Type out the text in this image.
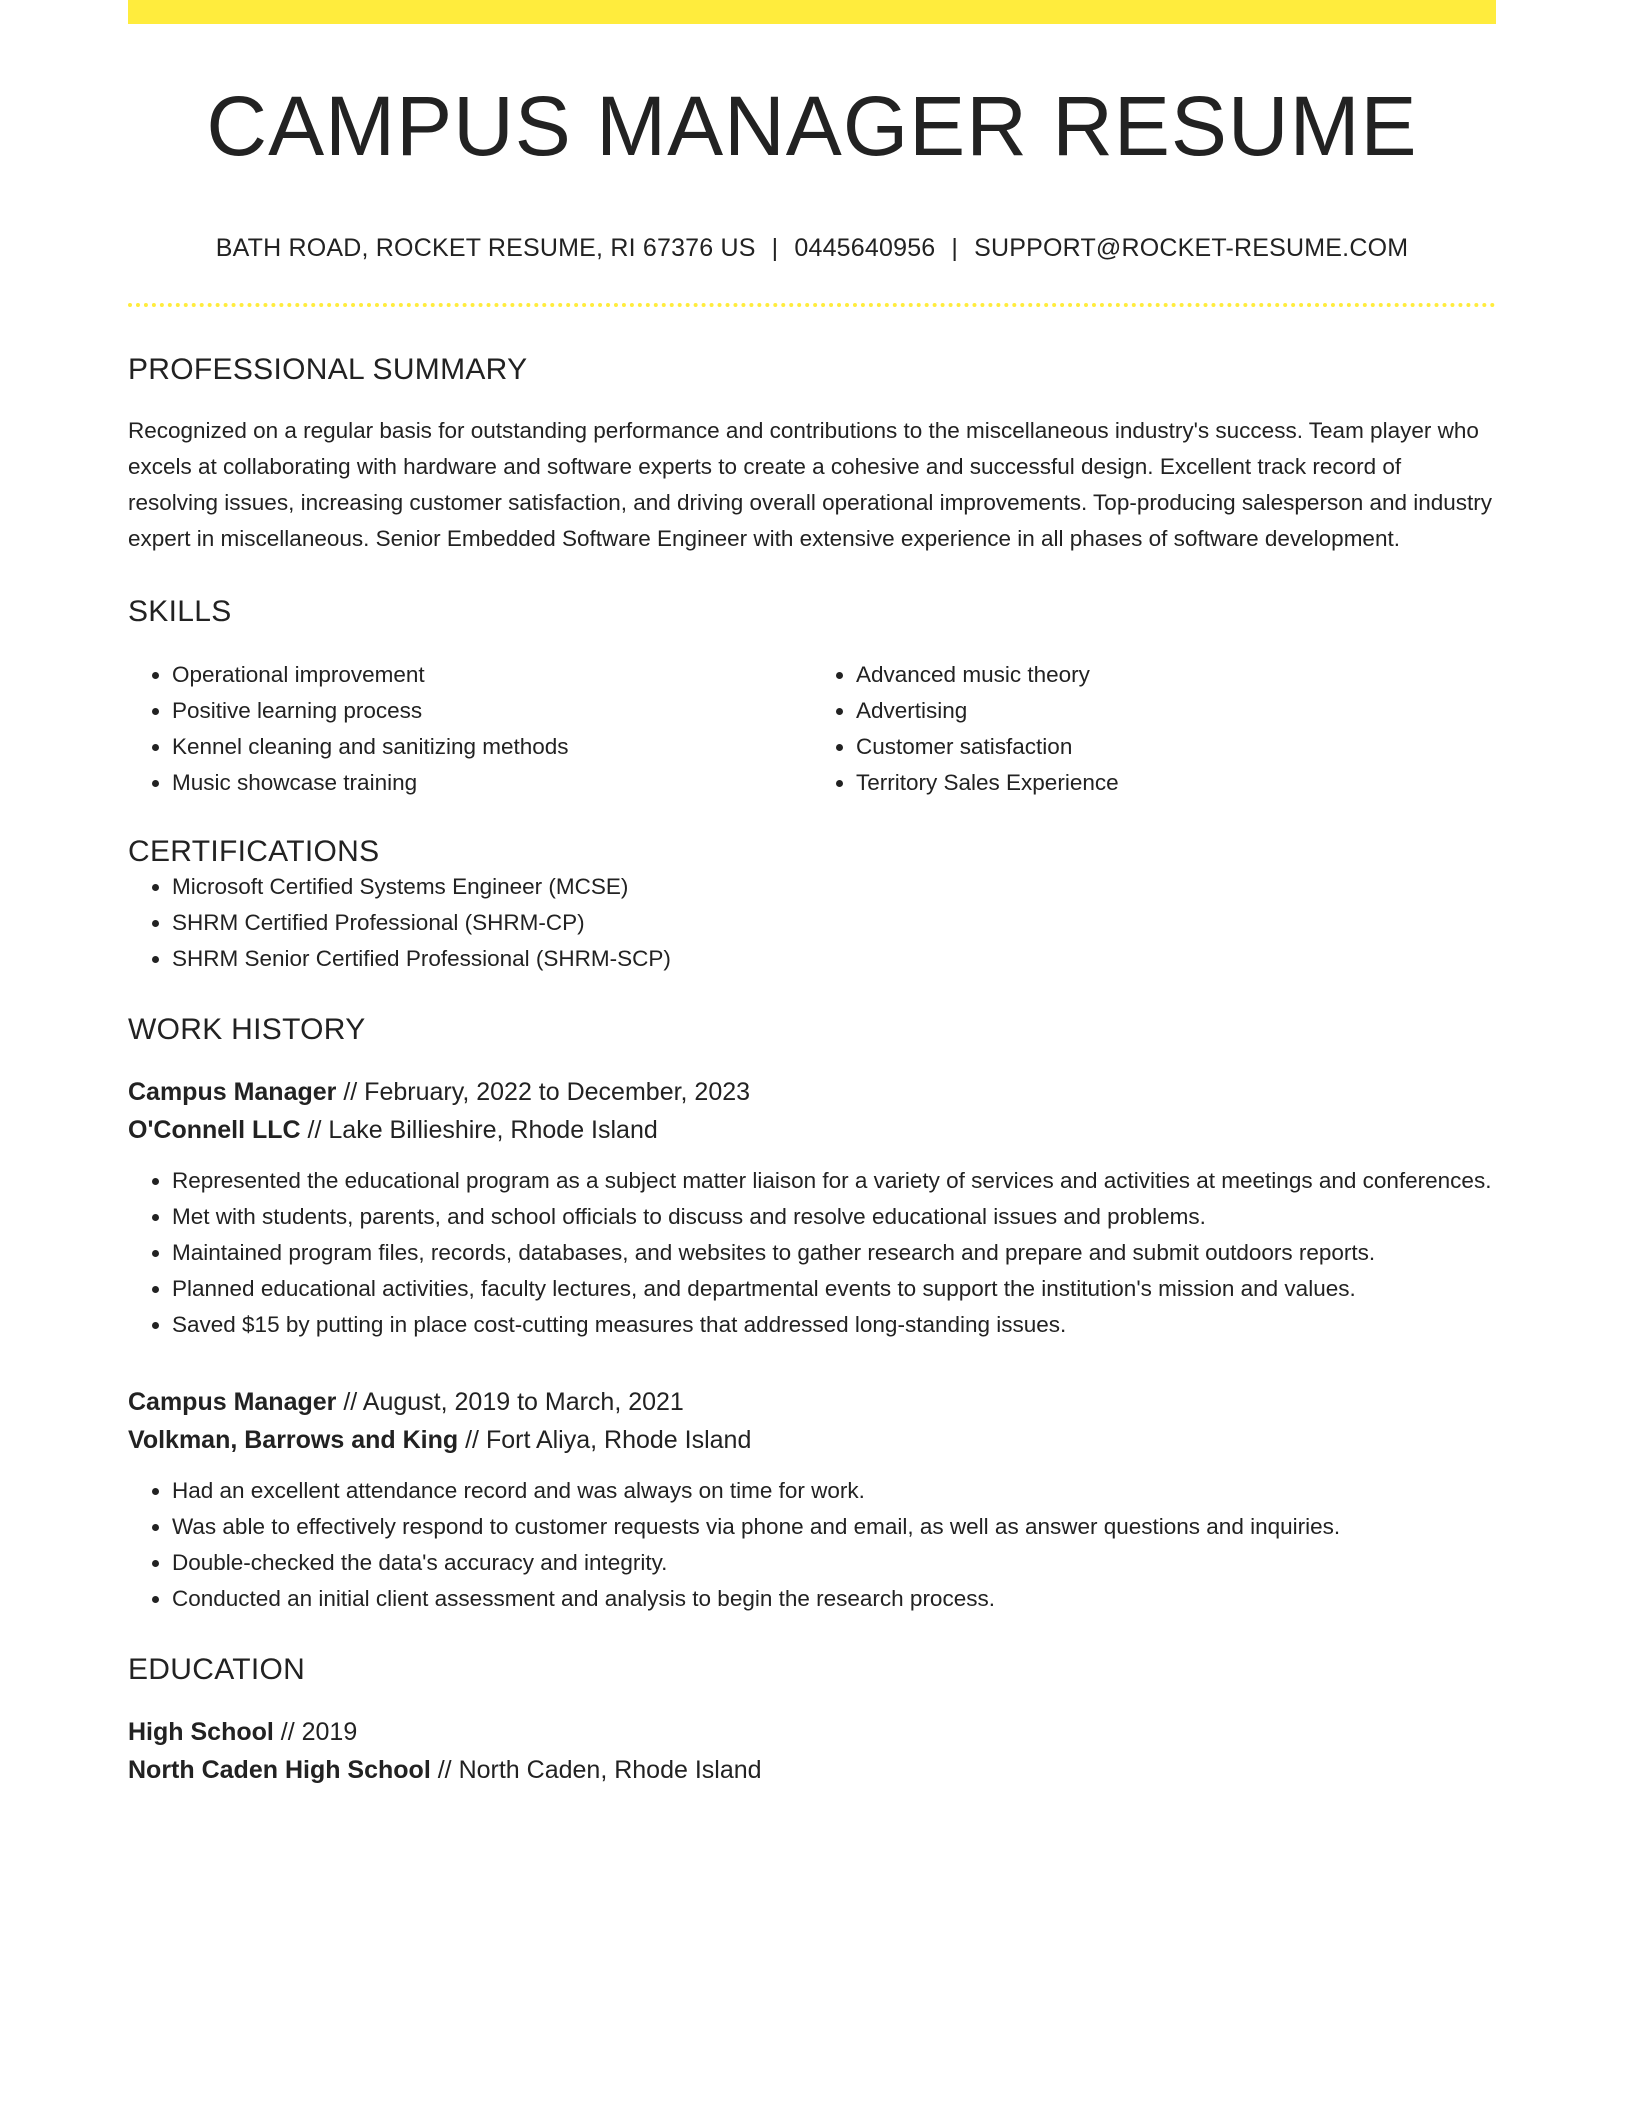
CAMPUS MANAGER RESUME
BATH ROAD, ROCKET RESUME, RI 67376 US | 0445640956 | SUPPORT@ROCKET-RESUME.COM
PROFESSIONAL SUMMARY

Recognized on a regular basis for outstanding performance and contributions to the miscellaneous industry's success. Team player who excels at collaborating with hardware and software experts to create a cohesive and successful design. Excellent track record of resolving issues, increasing customer satisfaction, and driving overall operational improvements. Top-producing salesperson and industry expert in miscellaneous. Senior Embedded Software Engineer with extensive experience in all phases of software development.

SKILLS
• Operational improvement
• Positive learning process
• Kennel cleaning and sanitizing methods
• Music showcase training
• Advanced music theory
• Advertising
• Customer satisfaction
• Territory Sales Experience
CERTIFICATIONS
• Microsoft Certified Systems Engineer (MCSE)
• SHRM Certified Professional (SHRM-CP)
• SHRM Senior Certified Professional (SHRM-SCP)
WORK HISTORY
Campus Manager // February, 2022 to December, 2023
O'Connell LLC // Lake Billieshire, Rhode Island
• Represented the educational program as a subject matter liaison for a variety of services and activities at meetings and conferences.
• Met with students, parents, and school officials to discuss and resolve educational issues and problems.
• Maintained program files, records, databases, and websites to gather research and prepare and submit outdoors reports.
• Planned educational activities, faculty lectures, and departmental events to support the institution's mission and values.
• Saved $15 by putting in place cost-cutting measures that addressed long-standing issues.
Campus Manager // August, 2019 to March, 2021
Volkman, Barrows and King // Fort Aliya, Rhode Island
• Had an excellent attendance record and was always on time for work.
• Was able to effectively respond to customer requests via phone and email, as well as answer questions and inquiries.
• Double-checked the data's accuracy and integrity.
• Conducted an initial client assessment and analysis to begin the research process.
EDUCATION
High School // 2019
North Caden High School // North Caden, Rhode Island
